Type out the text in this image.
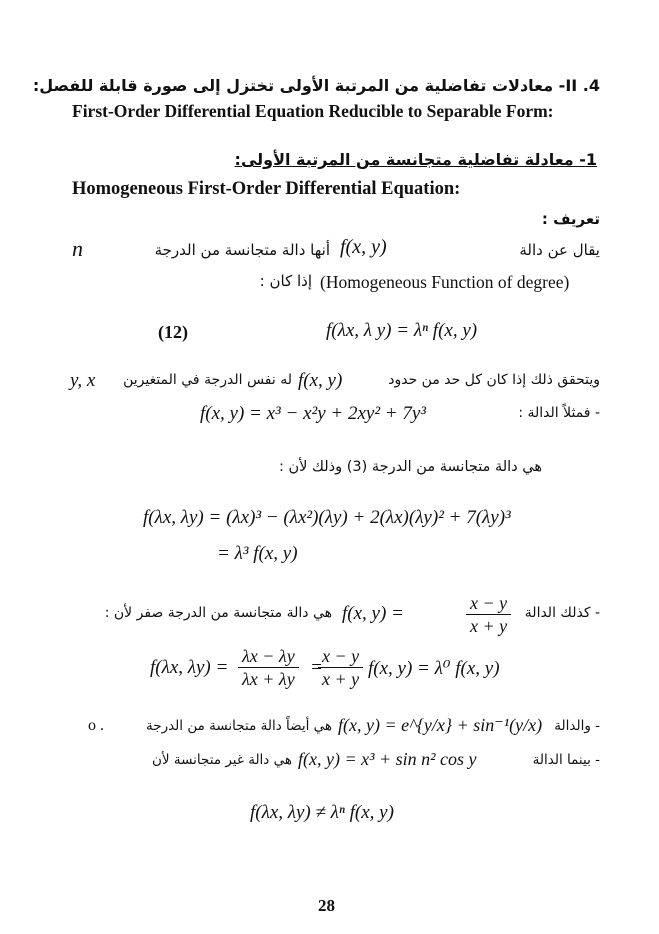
II .4- معادلات تفاضلية من المرتبة الأولى تختزل إلى صورة قابلة للفصل:
First-Order Differential Equation Reducible to Separable Form:
1- معادلة تفاضلية متجانسة من المرتبة الأولى:
Homogeneous First-Order Differential Equation:
تعريف :
n	أنها دالة متجانسة من الدرجة f(x, y)	يقال عن دالة
(Homogeneous Function of degree)
إذا كان :
(12)	f(λx, λ y) = λⁿ f(x, y)
y, x	له نفس الدرجة في المتغيرين f(x, y)	ويتحقق ذلك إذا كان كل حد من حدود
f(x, y) = x³ − x²y + 2xy² + 7y³	- فمثلاً الدالة :
هي دالة متجانسة من الدرجة (3) وذلك لأن :
f(λx, λy) = (λx)³ − (λx²)(λy) + 2(λx)(λy)² + 7(λy)³
= λ³ f(x, y)
هي دالة متجانسة من الدرجة صفر لأن : f(x, y) =	$\frac{x - y}{x + y}$ - كذلك الدالة
f(λx, $\lambda y) = \frac{\lambda x - \lambda y}{\lambda x + \lambda y}$ =
$\frac{x - y}{x + y} f(x$, y) = λ⁰ f(x, y)
o .	هي أيضاً دالة متجانسة من الدرجة f(x, y) = e^{y/x} + sin⁻¹(y/x) - والدالة
هي دالة غير متجانسة لأن f(x, y) = x³ + sin n² cos y	- بينما الدالة
f(λx, λy) ≠ λⁿ f(x, y)
28
